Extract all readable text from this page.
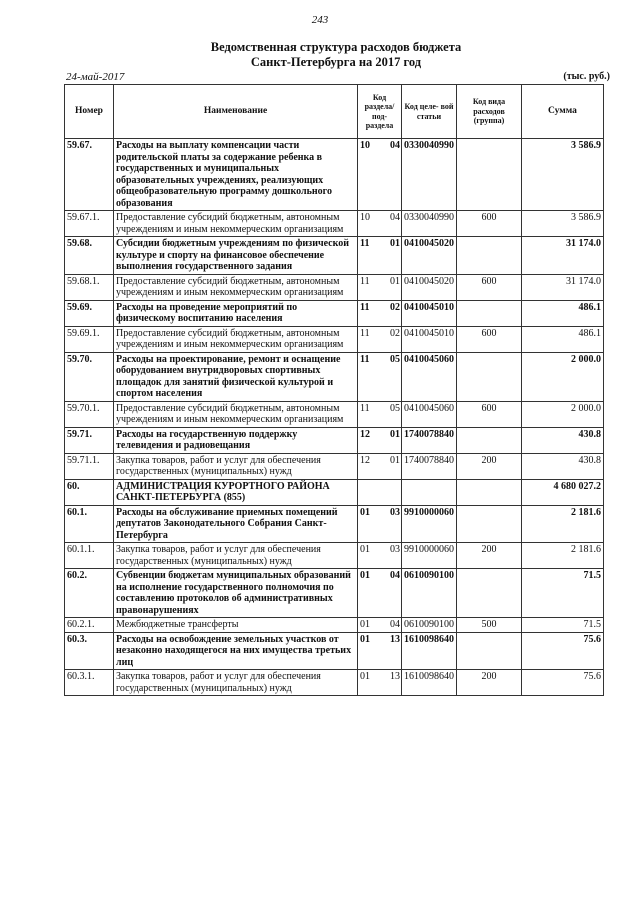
243
Ведомственная структура расходов бюджета
Санкт-Петербурга на 2017 год
24-май-2017	(тыс. руб.)
Номер	Наименование	Код раздела/ под- раздела	Код целе- вой статьи	Код вида расходов (группа)	Сумма
59.67.	Расходы на выплату компенсации части родительской платы за содержание ребенка в государственных и муниципальных образовательных учреждениях, реализующих общеобразовательную программу дошкольного образования	10 04	0330040990		3 586.9
59.67.1.	Предоставление субсидий бюджетным, автономным учреждениям и иным некоммерческим организациям	10 04	0330040990	600	3 586.9
59.68.	Субсидии бюджетным учреждениям по физической культуре и спорту на финансовое обеспечение выполнения государственного задания	11 01	0410045020		31 174.0
59.68.1.	Предоставление субсидий бюджетным, автономным учреждениям и иным некоммерческим организациям	11 01	0410045020	600	31 174.0
59.69.	Расходы на проведение мероприятий по физическому воспитанию населения	11 02	0410045010		486.1
59.69.1.	Предоставление субсидий бюджетным, автономным учреждениям и иным некоммерческим организациям	11 02	0410045010	600	486.1
59.70.	Расходы на проектирование, ремонт и оснащение оборудованием внутридворовых спортивных площадок для занятий физической культурой и спортом населения	11 05	0410045060		2 000.0
59.70.1.	Предоставление субсидий бюджетным, автономным учреждениям и иным некоммерческим организациям	11 05	0410045060	600	2 000.0
59.71.	Расходы на государственную поддержку телевидения и радиовещания	12 01	1740078840		430.8
59.71.1.	Закупка товаров, работ и услуг для обеспечения государственных (муниципальных) нужд	12 01	1740078840	200	430.8
60.	АДМИНИСТРАЦИЯ КУРОРТНОГО РАЙОНА САНКТ-ПЕТЕРБУРГА (855)				4 680 027.2
60.1.	Расходы на обслуживание приемных помещений депутатов Законодательного Собрания Санкт-Петербурга	01 03	9910000060		2 181.6
60.1.1.	Закупка товаров, работ и услуг для обеспечения государственных (муниципальных) нужд	01 03	9910000060	200	2 181.6
60.2.	Субвенции бюджетам муниципальных образований на исполнение государственного полномочия по составлению протоколов об административных правонарушениях	01 04	0610090100		71.5
60.2.1.	Межбюджетные трансферты	01 04	0610090100	500	71.5
60.3.	Расходы на освобождение земельных участков от незаконно находящегося на них имущества третьих лиц	01 13	1610098640		75.6
60.3.1.	Закупка товаров, работ и услуг для обеспечения государственных (муниципальных) нужд	01 13	1610098640	200	75.6
